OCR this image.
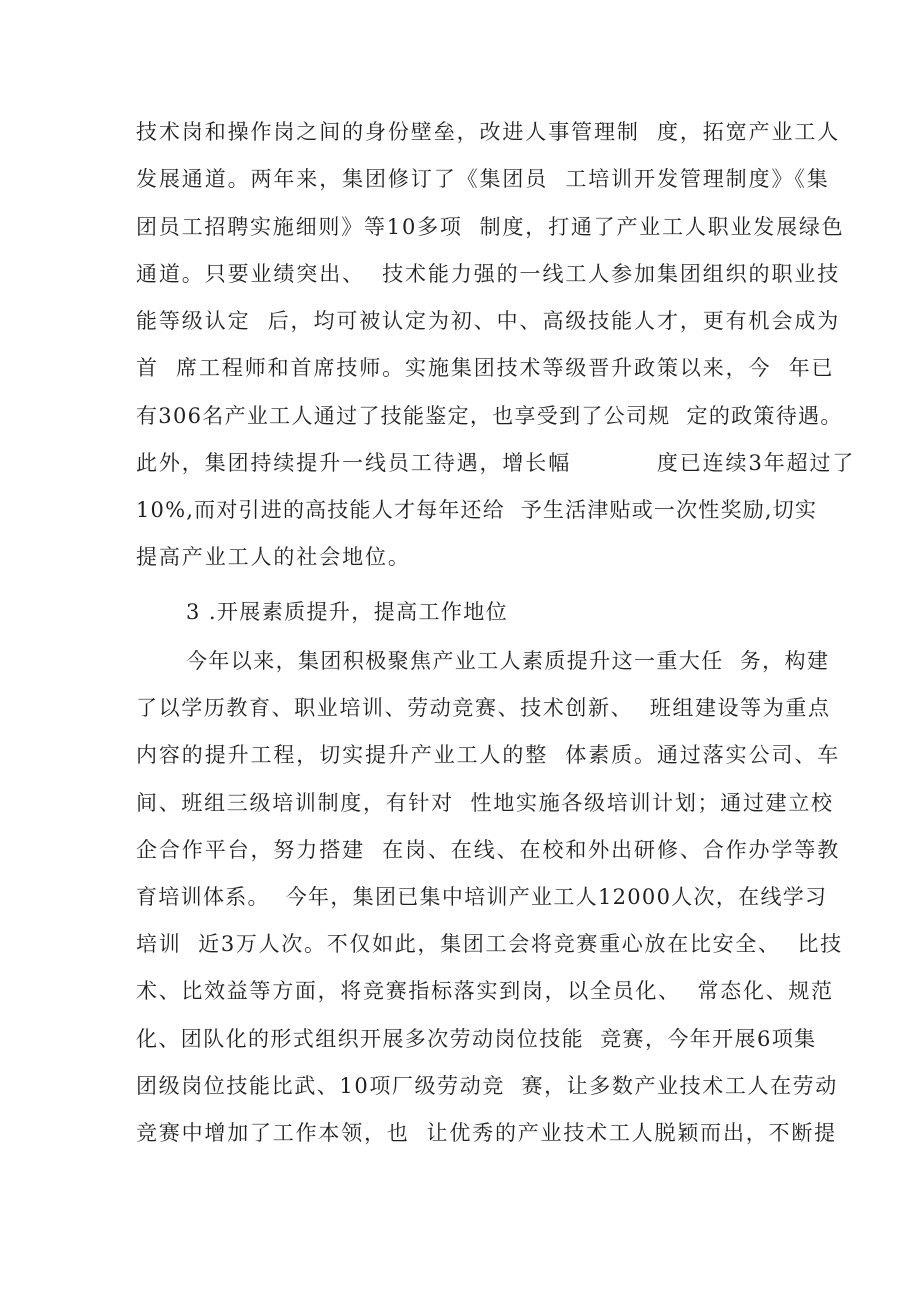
技术岗和操作岗之间的身份壁垒，改进人事管理制  度，拓宽产业工人
发展通道。两年来，集团修订了《集团员  工培训开发管理制度》《集
团员工招聘实施细则》等10多项  制度，打通了产业工人职业发展绿色
通道。只要业绩突出、  技术能力强的一线工人参加集团组织的职业技
能等级认定  后，均可被认定为初、中、高级技能人才，更有机会成为
首  席工程师和首席技师。实施集团技术等级晋升政策以来，今  年已
有306名产业工人通过了技能鉴定，也享受到了公司规  定的政策待遇。
此外，集团持续提升一线员工待遇，增长幅          度已连续3年超过了
10%,而对引进的高技能人才每年还给  予生活津贴或一次性奖励,切实
提高产业工人的社会地位。
3 .开展素质提升，提高工作地位
今年以来，集团积极聚焦产业工人素质提升这一重大任  务，构建
了以学历教育、职业培训、劳动竞赛、技术创新、  班组建设等为重点
内容的提升工程，切实提升产业工人的整  体素质。通过落实公司、车
间、班组三级培训制度，有针对  性地实施各级培训计划；通过建立校
企合作平台，努力搭建  在岗、在线、在校和外出研修、合作办学等教
育培训体系。  今年，集团已集中培训产业工人12000人次，在线学习
培训  近3万人次。不仅如此，集团工会将竞赛重心放在比安全、  比技
术、比效益等方面，将竞赛指标落实到岗，以全员化、  常态化、规范
化、团队化的形式组织开展多次劳动岗位技能  竞赛，今年开展6项集
团级岗位技能比武、10项厂级劳动竞  赛，让多数产业技术工人在劳动
竞赛中增加了工作本领，也  让优秀的产业技术工人脱颖而出，不断提
